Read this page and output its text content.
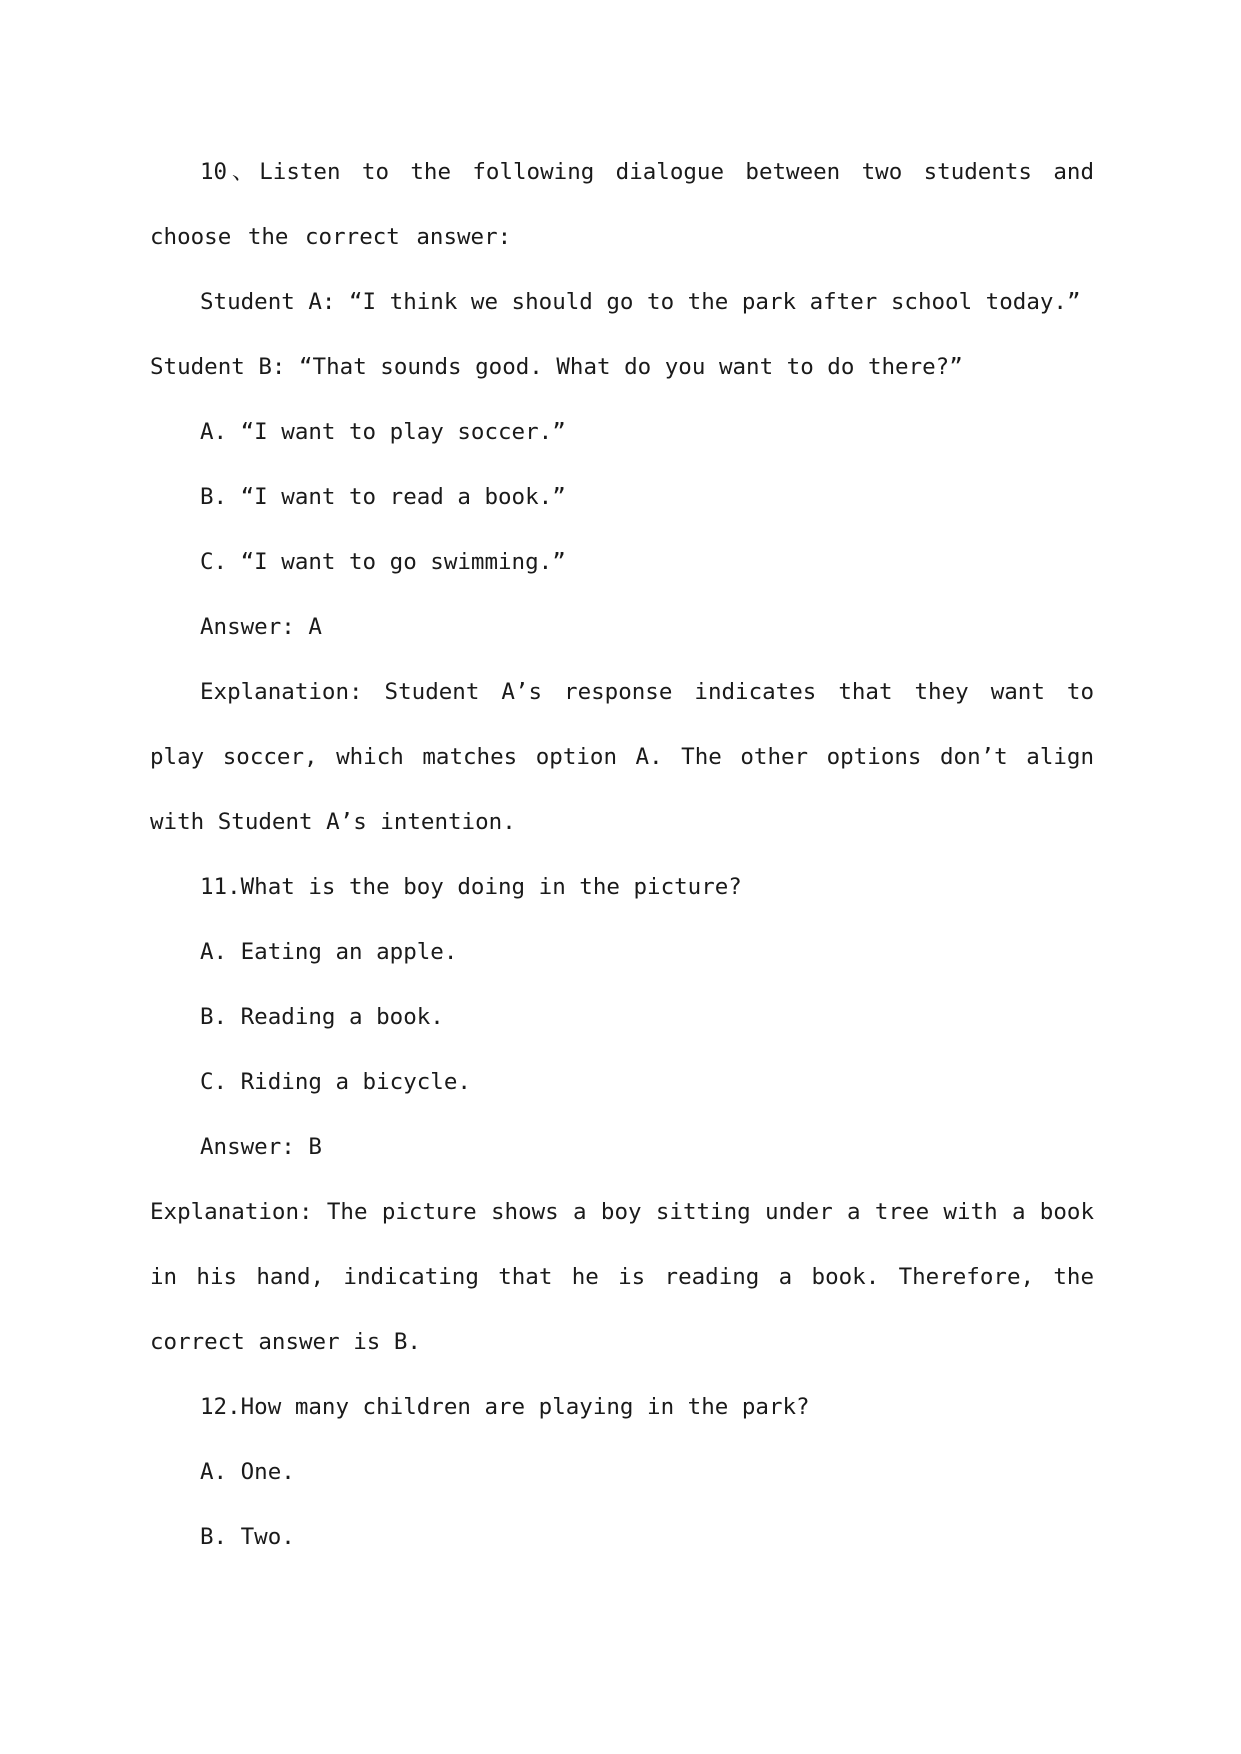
10、Listen to the following dialogue between two students and choose the correct answer:

Student A: “I think we should go to the park after school today.”

Student B: “That sounds good. What do you want to do there?”

A. “I want to play soccer.”

B. “I want to read a book.”

C. “I want to go swimming.”

Answer: A

Explanation: Student A’s response indicates that they want to play soccer, which matches option A. The other options don’t align with Student A’s intention.

11.What is the boy doing in the picture?

A. Eating an apple.

B. Reading a book.

C. Riding a bicycle.

Answer: B

Explanation: The picture shows a boy sitting under a tree with a book in his hand, indicating that he is reading a book. Therefore, the correct answer is B.

12.How many children are playing in the park?

A. One.

B. Two.
